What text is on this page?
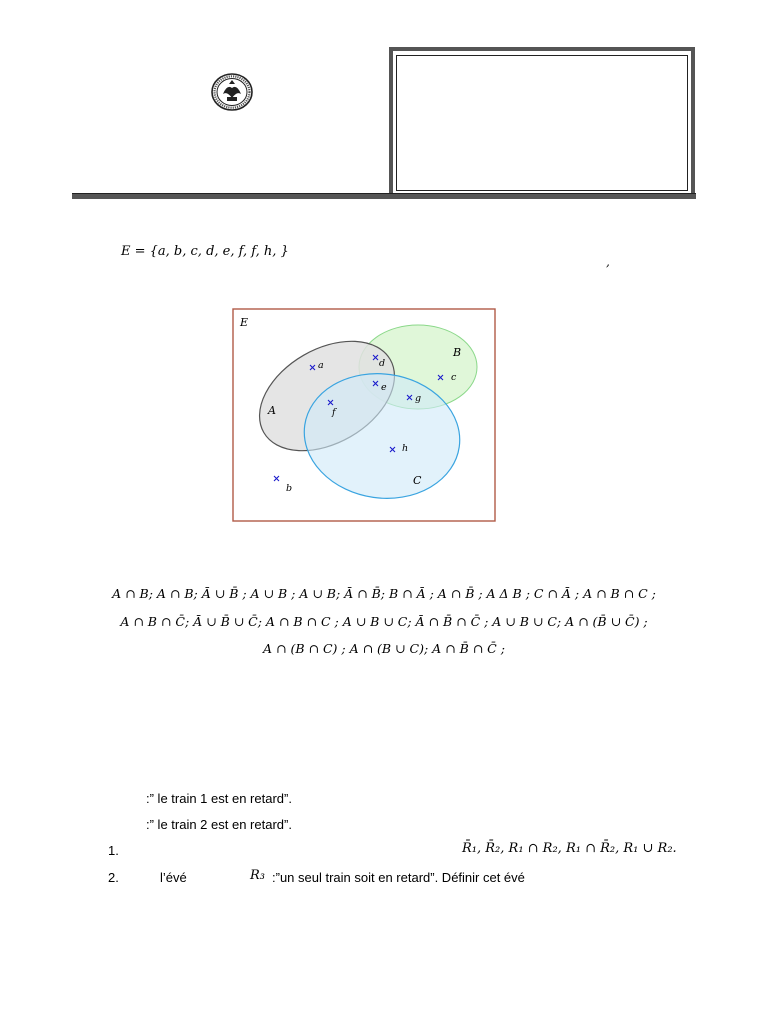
E = {a, b, c, d, e, f, f, h, }
,
E
A
B
C
a	d
c
e
g
f
h
b
A ∩ B; A ∩ B; Ā ∪ B̄ ; A ∪ B ; A ∪ B; Ā ∩ B̄; B ∩ Ā ; A ∩ B̄ ; A Δ B ; C ∩ Ā ; A ∩ B ∩ C ;
A ∩ B ∩ C̄; Ā ∪ B̄ ∪ C̄; A ∩ B ∩ C ; A ∪ B ∪ C; Ā ∩ B̄ ∩ C̄ ; A ∪ B ∪ C; A ∩ (B̄ ∪ C̄) ;
A ∩ (B ∩ C) ; A ∩ (B ∪ C); A ∩ B̄ ∩ C̄ ;
:” le train 1 est en retard”.
:” le train 2 est en retard”.
1.	R̄₁, R̄₂, R₁ ∩ R₂, R₁ ∩ R̄₂, R₁ ∪ R₂.
2.	l’évé	R₃ :”un seul train soit en retard”. Définir cet évé
